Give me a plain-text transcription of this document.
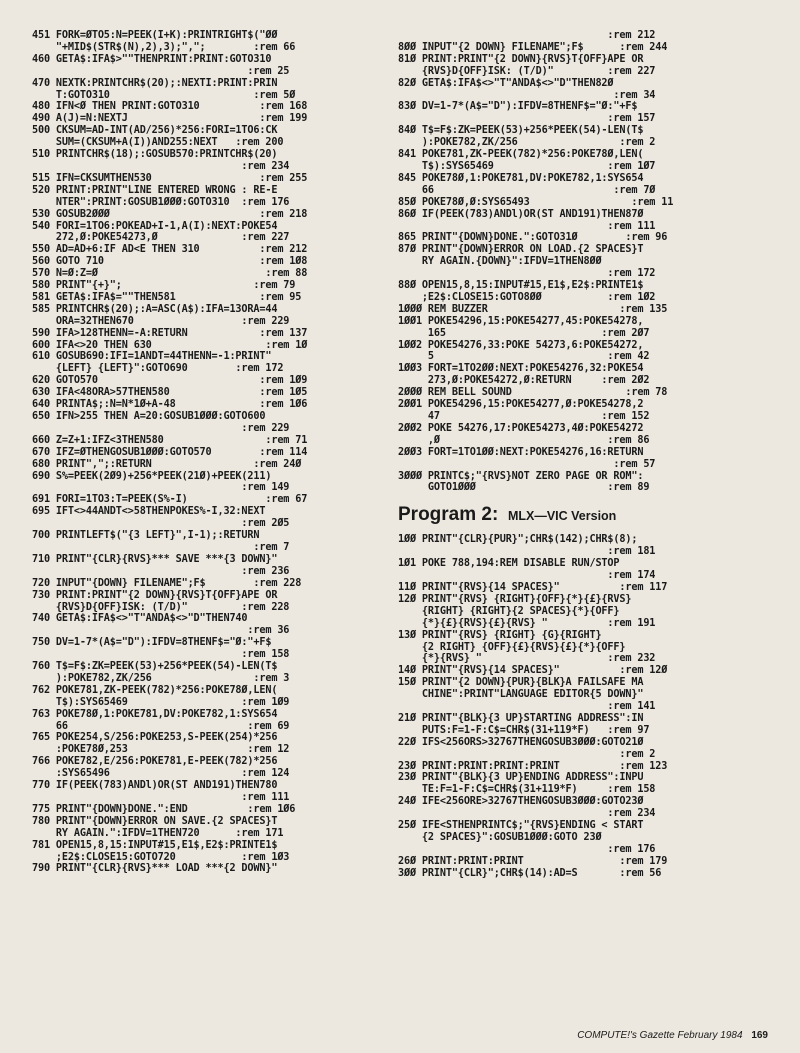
451 FORK=ØTO5:N=PEEK(I+K):PRINTRIGHT$("ØØ
"+MID$(STR$(N),2),3);",";        :rem 66
460 GETA$:IFA$>""THENPRINT:PRINT:GOTO310
:rem 25
470 NEXTK:PRINTCHR$(20);:NEXTI:PRINT:PRIN
T:GOTO310                        :rem 5Ø
480 IFN<Ø THEN PRINT:GOTO310          :rem 168
490 A(J)=N:NEXTJ                      :rem 199
500 CKSUM=AD-INT(AD/256)*256:FORI=1TO6:CK
SUM=(CKSUM+A(I))AND255:NEXT   :rem 200
510 PRINTCHR$(18);:GOSUB570:PRINTCHR$(20)
:rem 234
515 IFN=CKSUMTHEN530                  :rem 255
520 PRINT:PRINT"LINE ENTERED WRONG : RE-E
NTER":PRINT:GOSUB1ØØØ:GOTO310  :rem 176
530 GOSUB2ØØØ                         :rem 218
540 FORI=1TO6:POKEAD+I-1,A(I):NEXT:POKE54
272,Ø:POKE54273,Ø              :rem 227
550 AD=AD+6:IF AD<E THEN 310          :rem 212
560 GOTO 710                          :rem 1Ø8
570 N=Ø:Z=Ø                            :rem 88
580 PRINT"{+}";                      :rem 79
581 GETA$:IFA$=""THEN581              :rem 95
585 PRINTCHR$(20);:A=ASC(A$):IFA=13ORA=44
ORA=32THEN670                  :rem 229
590 IFA>128THENN=-A:RETURN            :rem 137
600 IFA<>20 THEN 630                   :rem 1Ø
610 GOSUB690:IFI=1ANDT=44THENN=-1:PRINT"
{LEFT} {LEFT}":GOTO690        :rem 172
620 GOTO570                           :rem 1Ø9
630 IFA<48ORA>57THEN580               :rem 1Ø5
640 PRINTA$;:N=N*1Ø+A-48              :rem 1Ø6
650 IFN>255 THEN A=20:GOSUB1ØØØ:GOTO600
:rem 229
660 Z=Z+1:IFZ<3THEN580                 :rem 71
670 IFZ=ØTHENGOSUB1ØØØ:GOTO570        :rem 114
680 PRINT",";:RETURN                 :rem 24Ø
690 S%=PEEK(2Ø9)+256*PEEK(21Ø)+PEEK(211)
:rem 149
691 FORI=1TO3:T=PEEK(S%-I)             :rem 67
695 IFT<>44ANDT<>58THENPOKES%-I,32:NEXT
:rem 2Ø5
700 PRINTLEFT$("{3 LEFT}",I-1);:RETURN
:rem 7
710 PRINT"{CLR}{RVS}*** SAVE ***{3 DOWN}"
:rem 236
720 INPUT"{DOWN} FILENAME";F$        :rem 228
730 PRINT:PRINT"{2 DOWN}{RVS}T{OFF}APE OR
{RVS}D{OFF}ISK: (T/D)"         :rem 228
740 GETA$:IFA$<>"T"ANDA$<>"D"THEN740
:rem 36
750 DV=1-7*(A$="D"):IFDV=8THENF$="Ø:"+F$
:rem 158
760 T$=F$:ZK=PEEK(53)+256*PEEK(54)-LEN(T$
):POKE782,ZK/256                 :rem 3
762 POKE781,ZK-PEEK(782)*256:POKE78Ø,LEN(
T$):SYS65469                   :rem 1Ø9
763 POKE78Ø,1:POKE781,DV:POKE782,1:SYS654
66                              :rem 69
765 POKE254,S/256:POKE253,S-PEEK(254)*256
:POKE78Ø,253                    :rem 12
766 POKE782,E/256:POKE781,E-PEEK(782)*256
:SYS65496                      :rem 124
770 IF(PEEK(783)ANDl)OR(ST AND191)THEN780
:rem 111
775 PRINT"{DOWN}DONE.":END          :rem 1Ø6
780 PRINT"{DOWN}ERROR ON SAVE.{2 SPACES}T
RY AGAIN.":IFDV=1THEN720      :rem 171
781 OPEN15,8,15:INPUT#15,E1$,E2$:PRINTE1$
;E2$:CLOSE15:GOTO720           :rem 1Ø3
790 PRINT"{CLR}{RVS}*** LOAD ***{2 DOWN}"
:rem 212
8ØØ INPUT"{2 DOWN} FILENAME";F$      :rem 244
81Ø PRINT:PRINT"{2 DOWN}{RVS}T{OFF}APE OR
{RVS}D{OFF}ISK: (T/D)"         :rem 227
82Ø GETA$:IFA$<>"T"ANDA$<>"D"THEN82Ø
:rem 34
83Ø DV=1-7*(A$="D"):IFDV=8THENF$="Ø:"+F$
:rem 157
84Ø T$=F$:ZK=PEEK(53)+256*PEEK(54)-LEN(T$
):POKE782,ZK/256                 :rem 2
841 POKE781,ZK-PEEK(782)*256:POKE78Ø,LEN(
T$):SYS65469                   :rem 1Ø7
845 POKE78Ø,1:POKE781,DV:POKE782,1:SYS654
66                              :rem 7Ø
85Ø POKE78Ø,Ø:SYS65493                 :rem 11
86Ø IF(PEEK(783)ANDl)OR(ST AND191)THEN87Ø
:rem 111
865 PRINT"{DOWN}DONE.":GOTO31Ø        :rem 96
87Ø PRINT"{DOWN}ERROR ON LOAD.{2 SPACES}T
RY AGAIN.{DOWN}":IFDV=1THEN8ØØ
:rem 172
88Ø OPEN15,8,15:INPUT#15,E1$,E2$:PRINTE1$
;E2$:CLOSE15:GOTO8ØØ           :rem 1Ø2
1ØØØ REM BUZZER                      :rem 135
1ØØ1 POKE54296,15:POKE54277,45:POKE54278,
165                          :rem 2Ø7
1ØØ2 POKE54276,33:POKE 54273,6:POKE54272,
5                             :rem 42
1ØØ3 FORT=1TO2ØØ:NEXT:POKE54276,32:POKE54
273,Ø:POKE54272,Ø:RETURN     :rem 2Ø2
2ØØØ REM BELL SOUND                   :rem 78
2ØØ1 POKE54296,15:POKE54277,Ø:POKE54278,2
47                           :rem 152
2ØØ2 POKE 54276,17:POKE54273,4Ø:POKE54272
,Ø                            :rem 86
2ØØ3 FORT=1TO1ØØ:NEXT:POKE54276,16:RETURN
:rem 57
3ØØØ PRINTC$;"{RVS}NOT ZERO PAGE OR ROM":
GOTO1ØØØ                      :rem 89
Program 2: MLX—VIC Version
1ØØ PRINT"{CLR}{PUR}";CHR$(142);CHR$(8);
:rem 181
1Ø1 POKE 788,194:REM DISABLE RUN/STOP
:rem 174
11Ø PRINT"{RVS}{14 SPACES}"          :rem 117
12Ø PRINT"{RVS} {RIGHT}{OFF}{*}{£}{RVS}
{RIGHT} {RIGHT}{2 SPACES}{*}{OFF}
{*}{£}{RVS}{£}{RVS} "          :rem 191
13Ø PRINT"{RVS} {RIGHT} {G}{RIGHT}
{2 RIGHT} {OFF}{£}{RVS}{£}{*}{OFF}
{*}{RVS} "                     :rem 232
14Ø PRINT"{RVS}{14 SPACES}"          :rem 12Ø
15Ø PRINT"{2 DOWN}{PUR}{BLK}A FAILSAFE MA
CHINE":PRINT"LANGUAGE EDITOR{5 DOWN}"
:rem 141
21Ø PRINT"{BLK}{3 UP}STARTING ADDRESS":IN
PUTS:F=1-F:C$=CHR$(31+119*F)   :rem 97
22Ø IFS<256ORS>32767THENGOSUB3ØØØ:GOTO21Ø
:rem 2
23Ø PRINT:PRINT:PRINT:PRINT          :rem 123
23Ø PRINT"{BLK}{3 UP}ENDING ADDRESS":INPU
TE:F=1-F:C$=CHR$(31+119*F)     :rem 158
24Ø IFE<256ORE>32767THENGOSUB3ØØØ:GOTO23Ø
:rem 234
25Ø IFE<STHENPRINTC$;"{RVS}ENDING < START
{2 SPACES}":GOSUB1ØØØ:GOTO 23Ø
:rem 176
26Ø PRINT:PRINT:PRINT                :rem 179
3ØØ PRINT"{CLR}";CHR$(14):AD=S       :rem 56
COMPUTE!'s Gazette February 1984 169
